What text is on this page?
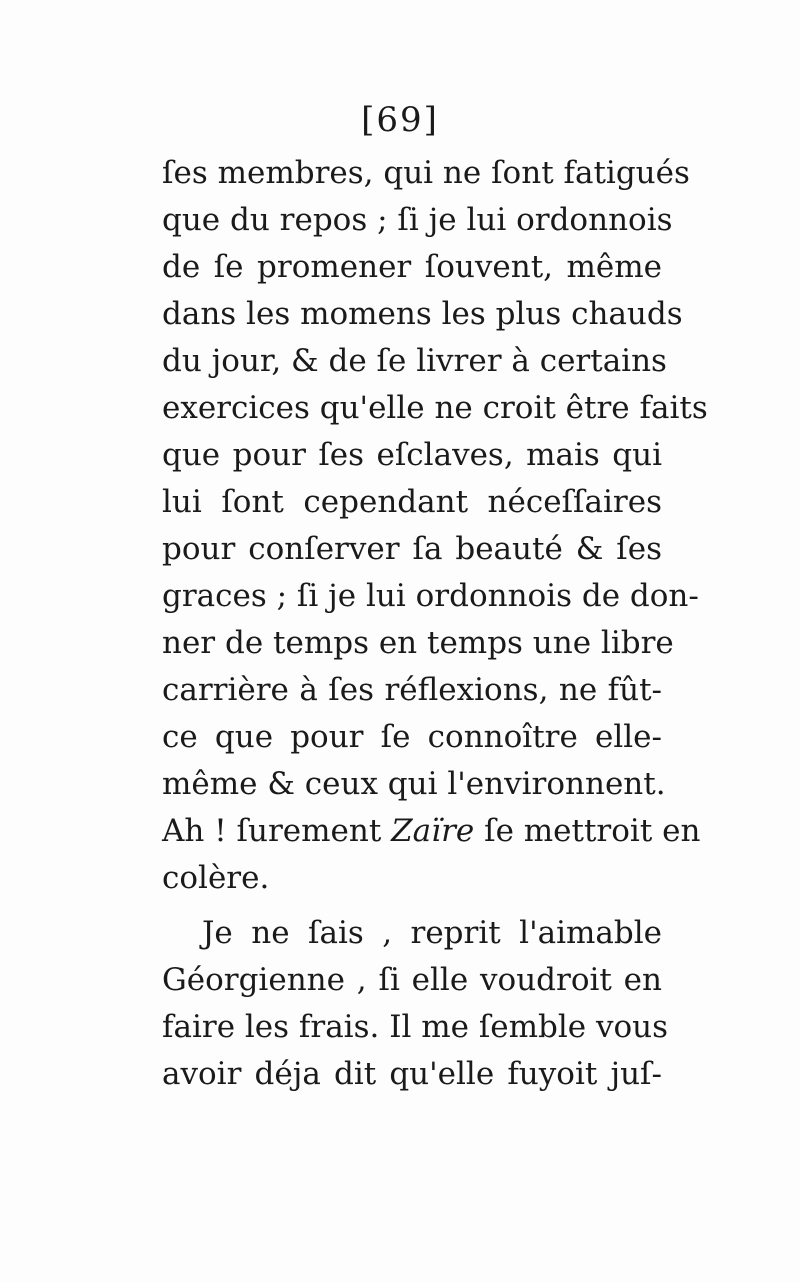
[69]
ſes membres, qui ne ſont fatigués
que du repos ; ſi je lui ordonnois
de ſe promener ſouvent, même
dans les momens les plus chauds
du jour, & de ſe livrer à certains
exercices qu'elle ne croit être faits
que pour ſes eſclaves, mais qui
lui ſont cependant néceſſaires
pour conſerver ſa beauté & ſes
graces ; ſi je lui ordonnois de don-
ner de temps en temps une libre
carrière à ſes réflexions, ne fût-
ce que pour ſe connoître elle-
même & ceux qui l'environnent.
Ah ! ſurement Zaïre ſe mettroit en
colère.
Je ne ſais , reprit l'aimable
Géorgienne , ſi elle voudroit en
faire les frais. Il me ſemble vous
avoir déja dit qu'elle fuyoit juſ-
